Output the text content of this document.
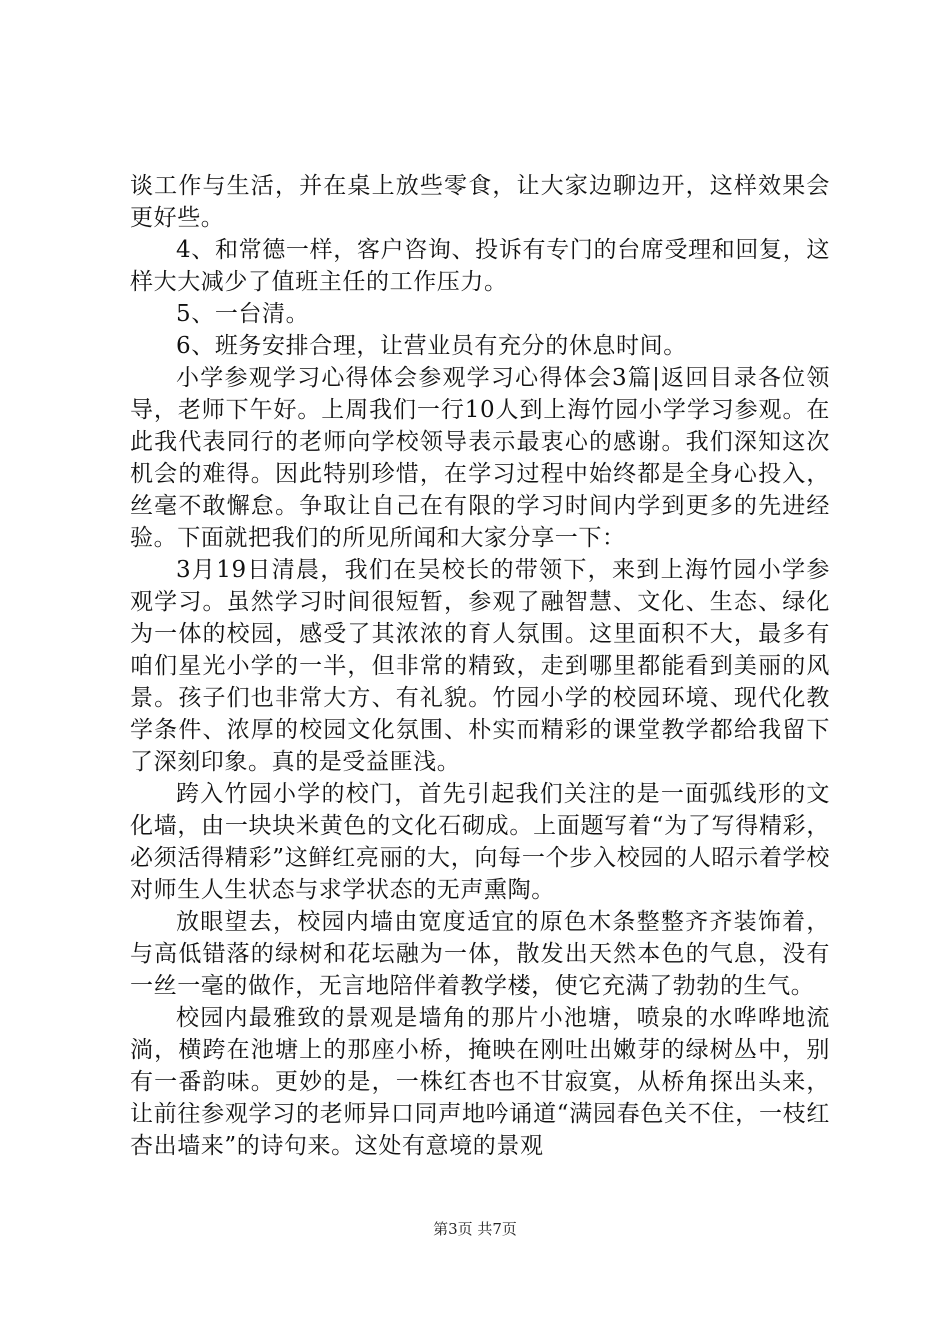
谈工作与生活，并在桌上放些零食，让大家边聊边开，这样效果会更好些。

4、和常德一样，客户咨询、投诉有专门的台席受理和回复，这样大大减少了值班主任的工作压力。

5、一台清。

6、班务安排合理，让营业员有充分的休息时间。

小学参观学习心得体会参观学习心得体会3篇|返回目录各位领导，老师下午好。上周我们一行10人到上海竹园小学学习参观。在此我代表同行的老师向学校领导表示最衷心的感谢。我们深知这次机会的难得。因此特别珍惜，在学习过程中始终都是全身心投入，丝毫不敢懈怠。争取让自己在有限的学习时间内学到更多的先进经验。下面就把我们的所见所闻和大家分享一下：

3月19日清晨，我们在吴校长的带领下，来到上海竹园小学参观学习。虽然学习时间很短暂，参观了融智慧、文化、生态、绿化为一体的校园，感受了其浓浓的育人氛围。这里面积不大，最多有咱们星光小学的一半，但非常的精致，走到哪里都能看到美丽的风景。孩子们也非常大方、有礼貌。竹园小学的校园环境、现代化教学条件、浓厚的校园文化氛围、朴实而精彩的课堂教学都给我留下了深刻印象。真的是受益匪浅。

跨入竹园小学的校门，首先引起我们关注的是一面弧线形的文化墙，由一块块米黄色的文化石砌成。上面题写着“为了写得精彩，必须活得精彩”这鲜红亮丽的大，向每一个步入校园的人昭示着学校对师生人生状态与求学状态的无声熏陶。

放眼望去，校园内墙由宽度适宜的原色木条整整齐齐装饰着，与高低错落的绿树和花坛融为一体，散发出天然本色的气息，没有一丝一毫的做作，无言地陪伴着教学楼，使它充满了勃勃的生气。

校园内最雅致的景观是墙角的那片小池塘，喷泉的水哗哗地流淌，横跨在池塘上的那座小桥，掩映在刚吐出嫩芽的绿树丛中，别有一番韵味。更妙的是，一株红杏也不甘寂寞，从桥角探出头来，让前往参观学习的老师异口同声地吟诵道“满园春色关不住，一枝红杏出墙来”的诗句来。这处有意境的景观

第3页 共7页
